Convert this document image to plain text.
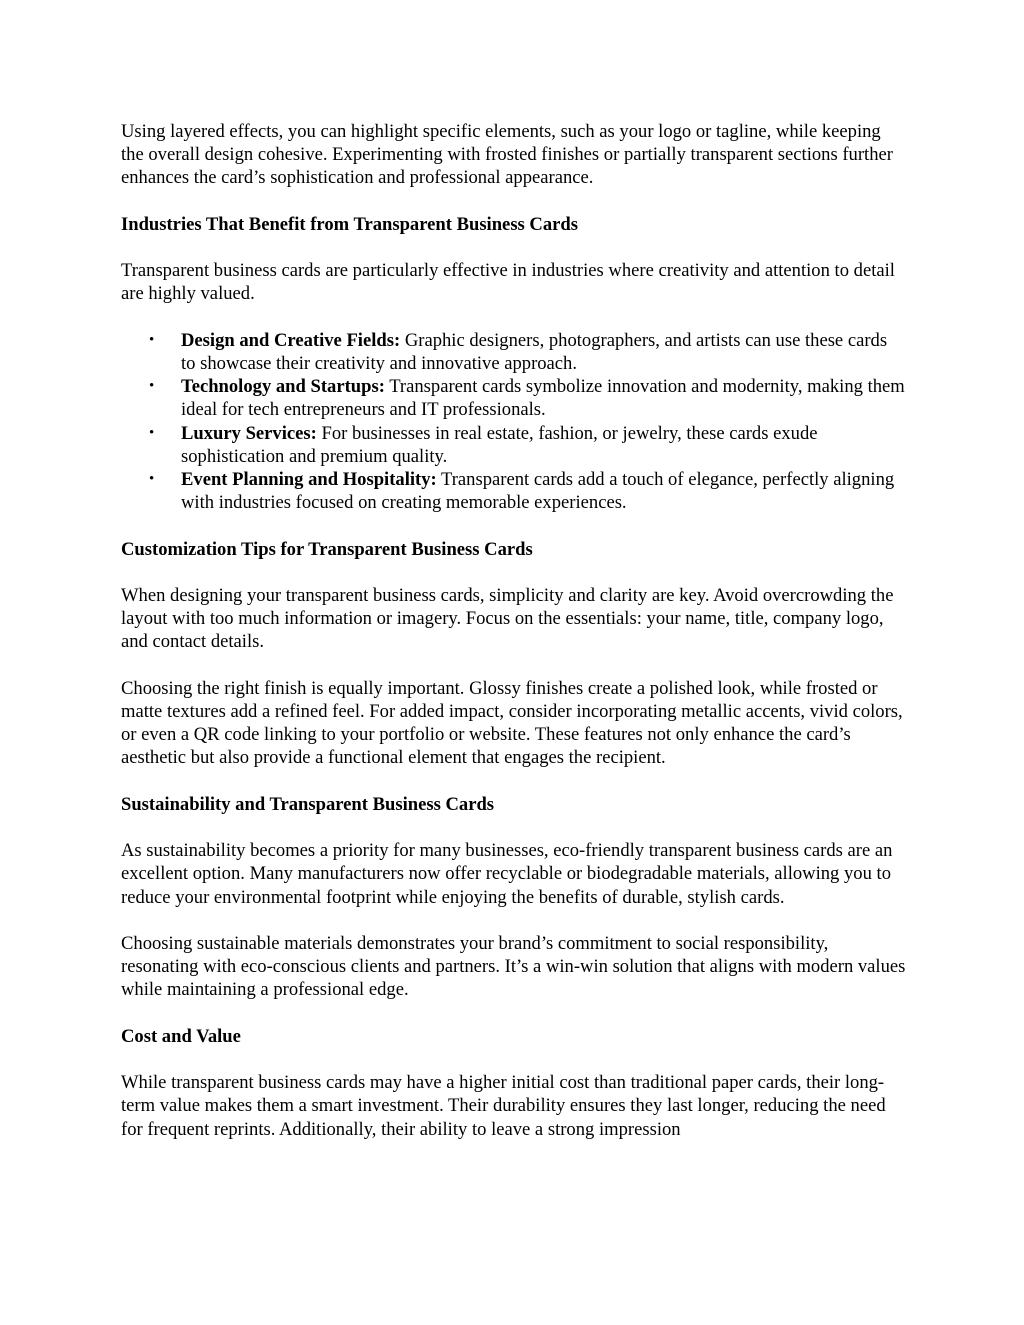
Using layered effects, you can highlight specific elements, such as your logo or tagline, while keeping the overall design cohesive. Experimenting with frosted finishes or partially transparent sections further enhances the card’s sophistication and professional appearance.

Industries That Benefit from Transparent Business Cards

Transparent business cards are particularly effective in industries where creativity and attention to detail are highly valued.

• Design and Creative Fields: Graphic designers, photographers, and artists can use these cards to showcase their creativity and innovative approach.
• Technology and Startups: Transparent cards symbolize innovation and modernity, making them ideal for tech entrepreneurs and IT professionals.
• Luxury Services: For businesses in real estate, fashion, or jewelry, these cards exude sophistication and premium quality.
• Event Planning and Hospitality: Transparent cards add a touch of elegance, perfectly aligning with industries focused on creating memorable experiences.

Customization Tips for Transparent Business Cards

When designing your transparent business cards, simplicity and clarity are key. Avoid overcrowding the layout with too much information or imagery. Focus on the essentials: your name, title, company logo, and contact details.

Choosing the right finish is equally important. Glossy finishes create a polished look, while frosted or matte textures add a refined feel. For added impact, consider incorporating metallic accents, vivid colors, or even a QR code linking to your portfolio or website. These features not only enhance the card’s aesthetic but also provide a functional element that engages the recipient.

Sustainability and Transparent Business Cards

As sustainability becomes a priority for many businesses, eco-friendly transparent business cards are an excellent option. Many manufacturers now offer recyclable or biodegradable materials, allowing you to reduce your environmental footprint while enjoying the benefits of durable, stylish cards.

Choosing sustainable materials demonstrates your brand’s commitment to social responsibility, resonating with eco-conscious clients and partners. It’s a win-win solution that aligns with modern values while maintaining a professional edge.

Cost and Value

While transparent business cards may have a higher initial cost than traditional paper cards, their long-term value makes them a smart investment. Their durability ensures they last longer, reducing the need for frequent reprints. Additionally, their ability to leave a strong impression
